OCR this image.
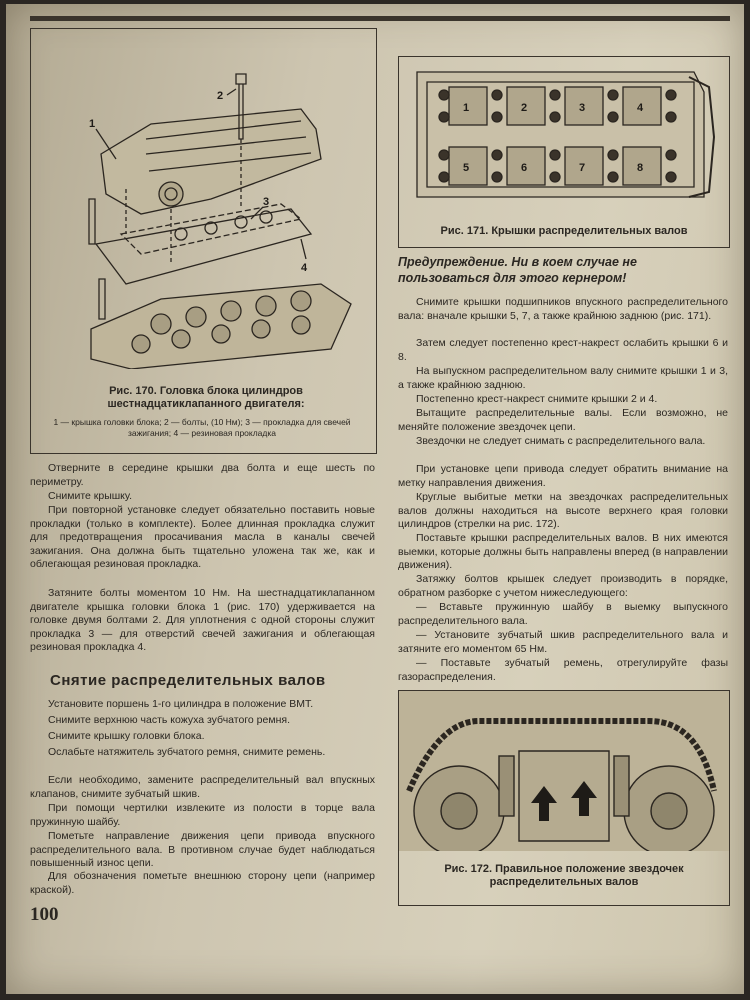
1
2
3
4
Рис. 170. Головка блока цилиндров шестнадцатиклапанного двигателя:
1 — крышка головки блока; 2 — болты, (10 Нм); 3 — прокладка для свечей зажигания; 4 — резиновая прокладка
1	2	3	4
5	6	7	8
Рис. 171. Крышки распределительных валов

Предупреждение. Ни в коем случае не пользоваться для этого кернером!

Снимите крышки подшипников впускного распределительного вала: вначале крышки 5, 7, а также крайнюю заднюю (рис. 171).

Затем следует постепенно крест-накрест ослабить крышки 6 и 8.

На выпускном распределительном валу снимите крышки 1 и 3, а также крайнюю заднюю.

Постепенно крест-накрест снимите крышки 2 и 4.

Вытащите распределительные валы. Если возможно, не меняйте положение звездочек цепи.

Звездочки не следует снимать с распределительного вала.

При установке цепи привода следует обратить внимание на метку направления движения.

Круглые выбитые метки на звездочках распределительных валов должны находиться на высоте верхнего края головки цилиндров (стрелки на рис. 172).

Поставьте крышки распределительных валов. В них имеются выемки, которые должны быть направлены вперед (в направлении движения).

Затяжку болтов крышек следует производить в порядке, обратном разборке с учетом нижеследующего:

— Вставьте пружинную шайбу в выемку выпускного распределительного вала.

— Установите зубчатый шкив распределительного вала и затяните его моментом 65 Нм.

— Поставьте зубчатый ремень, отрегулируйте фазы газораспределения.

Рис. 172. Правильное положение звездочек распределительных валов

Отверните в середине крышки два болта и еще шесть по периметру.

Снимите крышку.

При повторной установке следует обязательно поставить новые прокладки (только в комплекте). Более длинная прокладка служит для предотвращения просачивания масла в каналы свечей зажигания. Она должна быть тщательно уложена так же, как и облегающая резиновая прокладка.

Затяните болты моментом 10 Нм. На шестнадцатиклапанном двигателе крышка головки блока 1 (рис. 170) удерживается на головке двумя болтами 2. Для уплотнения с одной стороны служит прокладка 3 — для отверстий свечей зажигания и облегающая резиновая прокладка 4.

Снятие распределительных валов

Установите поршень 1-го цилиндра в положение ВМТ.

Снимите верхнюю часть кожуха зубчатого ремня.

Снимите крышку головки блока.

Ослабьте натяжитель зубчатого ремня, снимите ремень.

Если необходимо, замените распределительный вал впускных клапанов, снимите зубчатый шкив.

При помощи чертилки извлеките из полости в торце вала пружинную шайбу.

Пометьте направление движения цепи привода впускного распределительного вала. В противном случае будет наблюдаться повышенный износ цепи.

Для обозначения пометьте внешнюю сторону цепи (например краской).

100
